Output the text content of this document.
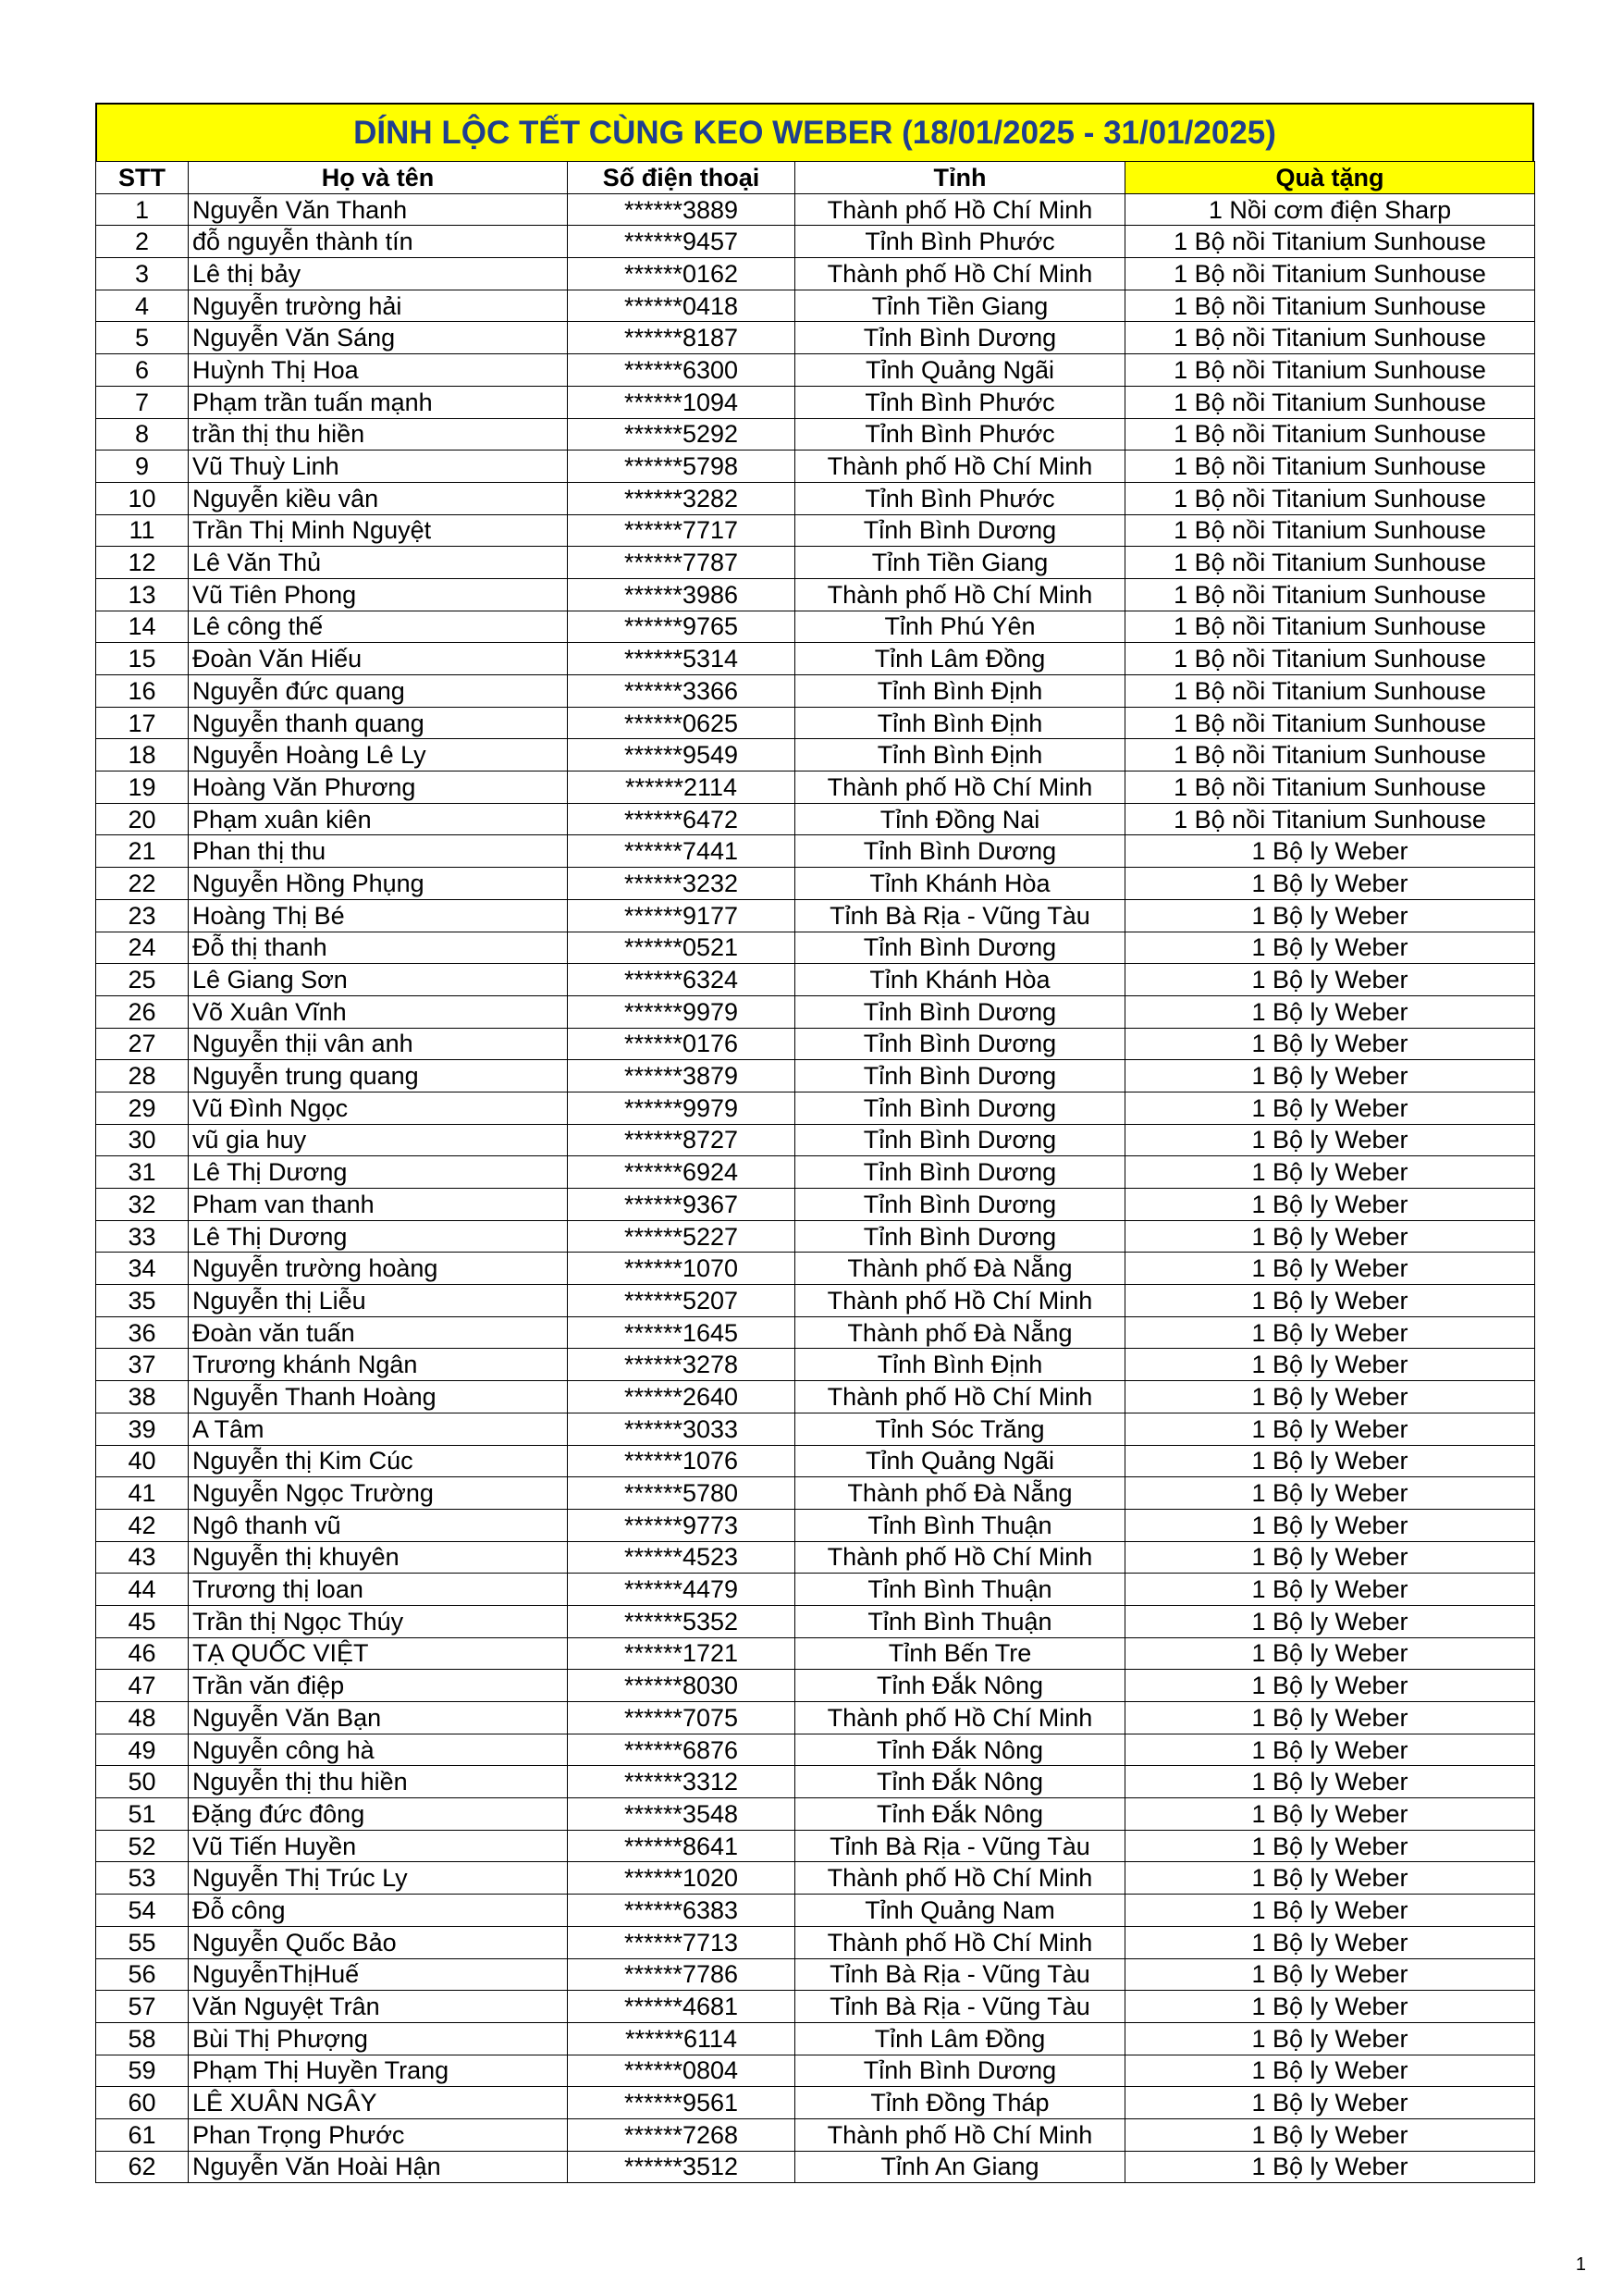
DÍNH LỘC TẾT CÙNG KEO WEBER (18/01/2025 - 31/01/2025)
STT	Họ và tên	Số điện thoại	Tỉnh	Quà tặng
1	Nguyễn Văn Thanh	******3889	Thành phố Hồ Chí Minh	1 Nồi cơm điện Sharp
2	đỗ nguyễn thành tín	******9457	Tỉnh Bình Phước	1 Bộ nồi Titanium Sunhouse
3	Lê thị bảy	******0162	Thành phố Hồ Chí Minh	1 Bộ nồi Titanium Sunhouse
4	Nguyễn trường hải	******0418	Tỉnh Tiền Giang	1 Bộ nồi Titanium Sunhouse
5	Nguyễn Văn Sáng	******8187	Tỉnh Bình Dương	1 Bộ nồi Titanium Sunhouse
6	Huỳnh Thị Hoa	******6300	Tỉnh Quảng Ngãi	1 Bộ nồi Titanium Sunhouse
7	Phạm trần tuấn mạnh	******1094	Tỉnh Bình Phước	1 Bộ nồi Titanium Sunhouse
8	trần thị thu hiền	******5292	Tỉnh Bình Phước	1 Bộ nồi Titanium Sunhouse
9	Vũ Thuỳ Linh	******5798	Thành phố Hồ Chí Minh	1 Bộ nồi Titanium Sunhouse
10	Nguyễn kiều vân	******3282	Tỉnh Bình Phước	1 Bộ nồi Titanium Sunhouse
11	Trần Thị Minh Nguyệt	******7717	Tỉnh Bình Dương	1 Bộ nồi Titanium Sunhouse
12	Lê Văn Thủ	******7787	Tỉnh Tiền Giang	1 Bộ nồi Titanium Sunhouse
13	Vũ Tiên Phong	******3986	Thành phố Hồ Chí Minh	1 Bộ nồi Titanium Sunhouse
14	Lê công thế	******9765	Tỉnh Phú Yên	1 Bộ nồi Titanium Sunhouse
15	Đoàn Văn Hiếu	******5314	Tỉnh Lâm Đồng	1 Bộ nồi Titanium Sunhouse
16	Nguyễn đức quang	******3366	Tỉnh Bình Định	1 Bộ nồi Titanium Sunhouse
17	Nguyễn thanh quang	******0625	Tỉnh Bình Định	1 Bộ nồi Titanium Sunhouse
18	Nguyễn Hoàng Lê Ly	******9549	Tỉnh Bình Định	1 Bộ nồi Titanium Sunhouse
19	Hoàng Văn Phương	******2114	Thành phố Hồ Chí Minh	1 Bộ nồi Titanium Sunhouse
20	Phạm xuân kiên	******6472	Tỉnh Đồng Nai	1 Bộ nồi Titanium Sunhouse
21	Phan thị thu	******7441	Tỉnh Bình Dương	1 Bộ ly Weber
22	Nguyễn Hồng Phụng	******3232	Tỉnh Khánh Hòa	1 Bộ ly Weber
23	Hoàng Thị Bé	******9177	Tỉnh Bà Rịa - Vũng Tàu	1 Bộ ly Weber
24	Đỗ thị thanh	******0521	Tỉnh Bình Dương	1 Bộ ly Weber
25	Lê Giang Sơn	******6324	Tỉnh Khánh Hòa	1 Bộ ly Weber
26	Võ Xuân Vĩnh	******9979	Tỉnh Bình Dương	1 Bộ ly Weber
27	Nguyễn thịi vân anh	******0176	Tỉnh Bình Dương	1 Bộ ly Weber
28	Nguyễn trung quang	******3879	Tỉnh Bình Dương	1 Bộ ly Weber
29	Vũ Đình Ngọc	******9979	Tỉnh Bình Dương	1 Bộ ly Weber
30	vũ gia huy	******8727	Tỉnh Bình Dương	1 Bộ ly Weber
31	Lê Thị Dương	******6924	Tỉnh Bình Dương	1 Bộ ly Weber
32	Pham van thanh	******9367	Tỉnh Bình Dương	1 Bộ ly Weber
33	Lê Thị Dương	******5227	Tỉnh Bình Dương	1 Bộ ly Weber
34	Nguyễn trường hoàng	******1070	Thành phố Đà Nẵng	1 Bộ ly Weber
35	Nguyễn thị Liễu	******5207	Thành phố Hồ Chí Minh	1 Bộ ly Weber
36	Đoàn văn tuấn	******1645	Thành phố Đà Nẵng	1 Bộ ly Weber
37	Trương khánh Ngân	******3278	Tỉnh Bình Định	1 Bộ ly Weber
38	Nguyễn Thanh Hoàng	******2640	Thành phố Hồ Chí Minh	1 Bộ ly Weber
39	A Tâm	******3033	Tỉnh Sóc Trăng	1 Bộ ly Weber
40	Nguyễn thị Kim Cúc	******1076	Tỉnh Quảng Ngãi	1 Bộ ly Weber
41	Nguyễn Ngọc Trường	******5780	Thành phố Đà Nẵng	1 Bộ ly Weber
42	Ngô thanh vũ	******9773	Tỉnh Bình Thuận	1 Bộ ly Weber
43	Nguyễn thị khuyên	******4523	Thành phố Hồ Chí Minh	1 Bộ ly Weber
44	Trương thị loan	******4479	Tỉnh Bình Thuận	1 Bộ ly Weber
45	Trần thị Ngọc Thúy	******5352	Tỉnh Bình Thuận	1 Bộ ly Weber
46	TẠ QUỐC VIỆT	******1721	Tỉnh Bến Tre	1 Bộ ly Weber
47	Trần văn điệp	******8030	Tỉnh Đắk Nông	1 Bộ ly Weber
48	Nguyễn Văn Bạn	******7075	Thành phố Hồ Chí Minh	1 Bộ ly Weber
49	Nguyễn công hà	******6876	Tỉnh Đắk Nông	1 Bộ ly Weber
50	Nguyễn thị thu hiền	******3312	Tỉnh Đắk Nông	1 Bộ ly Weber
51	Đặng đức đông	******3548	Tỉnh Đắk Nông	1 Bộ ly Weber
52	Vũ Tiến Huyền	******8641	Tỉnh Bà Rịa - Vũng Tàu	1 Bộ ly Weber
53	Nguyễn Thị Trúc Ly	******1020	Thành phố Hồ Chí Minh	1 Bộ ly Weber
54	Đỗ công	******6383	Tỉnh Quảng Nam	1 Bộ ly Weber
55	Nguyễn Quốc Bảo	******7713	Thành phố Hồ Chí Minh	1 Bộ ly Weber
56	NguyễnThịHuế	******7786	Tỉnh Bà Rịa - Vũng Tàu	1 Bộ ly Weber
57	Văn Nguyệt Trân	******4681	Tỉnh Bà Rịa - Vũng Tàu	1 Bộ ly Weber
58	Bùi Thị Phượng	******6114	Tỉnh Lâm Đồng	1 Bộ ly Weber
59	Phạm Thị Huyền Trang	******0804	Tỉnh Bình Dương	1 Bộ ly Weber
60	LÊ XUÂN NGÂY	******9561	Tỉnh Đồng Tháp	1 Bộ ly Weber
61	Phan Trọng Phước	******7268	Thành phố Hồ Chí Minh	1 Bộ ly Weber
62	Nguyễn Văn Hoài Hận	******3512	Tỉnh An Giang	1 Bộ ly Weber
1
